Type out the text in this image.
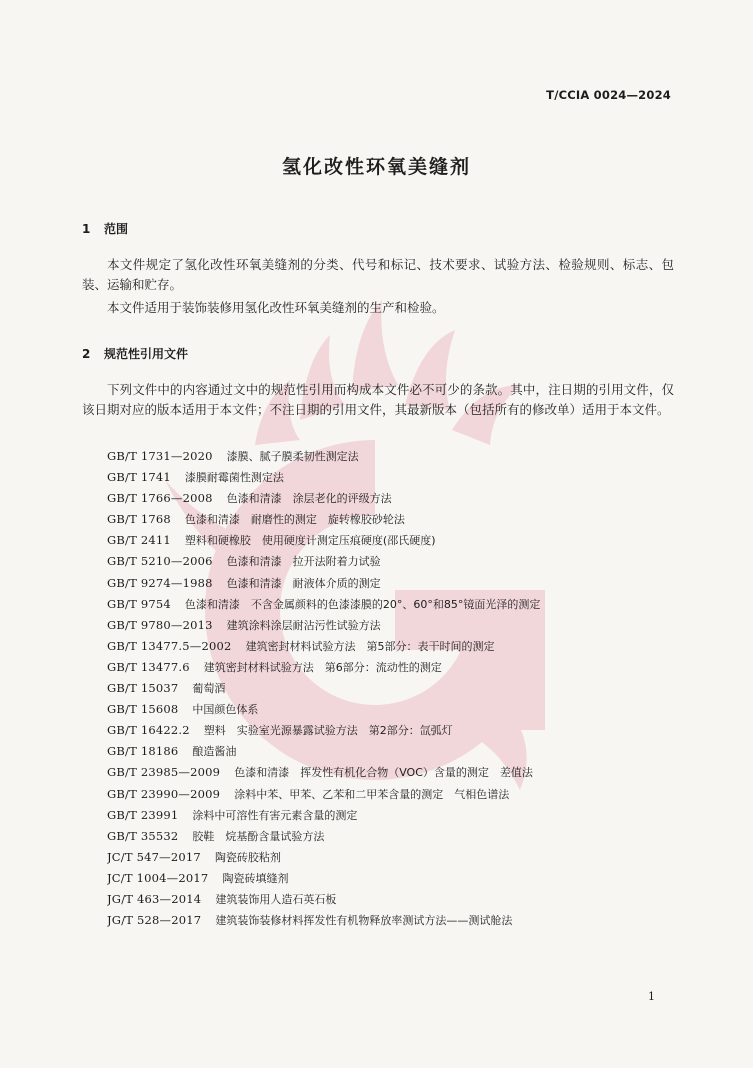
T/CCIA 0024—2024
氢化改性环氧美缝剂
1 范围
本文件规定了氢化改性环氧美缝剂的分类、代号和标记、技术要求、试验方法、检验规则、标志、包装、运输和贮存。
本文件适用于装饰装修用氢化改性环氧美缝剂的生产和检验。
2 规范性引用文件
下列文件中的内容通过文中的规范性引用而构成本文件必不可少的条款。其中，注日期的引用文件，仅该日期对应的版本适用于本文件；不注日期的引用文件，其最新版本（包括所有的修改单）适用于本文件。
GB/T 1731—2020 漆膜、腻子膜柔韧性测定法
GB/T 1741 漆膜耐霉菌性测定法
GB/T 1766—2008 色漆和清漆　涂层老化的评级方法
GB/T 1768 色漆和清漆　耐磨性的测定　旋转橡胶砂轮法
GB/T 2411 塑料和硬橡胶　使用硬度计测定压痕硬度(邵氏硬度)
GB/T 5210—2006 色漆和清漆　拉开法附着力试验
GB/T 9274—1988 色漆和清漆　耐液体介质的测定
GB/T 9754 色漆和清漆　不含金属颜料的色漆漆膜的20°、60°和85°镜面光泽的测定
GB/T 9780—2013 建筑涂料涂层耐沾污性试验方法
GB/T 13477.5—2002 建筑密封材料试验方法　第5部分：表干时间的测定
GB/T 13477.6 建筑密封材料试验方法　第6部分：流动性的测定
GB/T 15037 葡萄酒
GB/T 15608 中国颜色体系
GB/T 16422.2 塑料　实验室光源暴露试验方法　第2部分：氙弧灯
GB/T 18186 酿造酱油
GB/T 23985—2009 色漆和清漆　挥发性有机化合物（VOC）含量的测定　差值法
GB/T 23990—2009 涂料中苯、甲苯、乙苯和二甲苯含量的测定　气相色谱法
GB/T 23991 涂料中可溶性有害元素含量的测定
GB/T 35532 胶鞋　烷基酚含量试验方法
JC/T 547—2017 陶瓷砖胶粘剂
JC/T 1004—2017 陶瓷砖填缝剂
JG/T 463—2014 建筑装饰用人造石英石板
JG/T 528—2017 建筑装饰装修材料挥发性有机物释放率测试方法——测试舱法
1
